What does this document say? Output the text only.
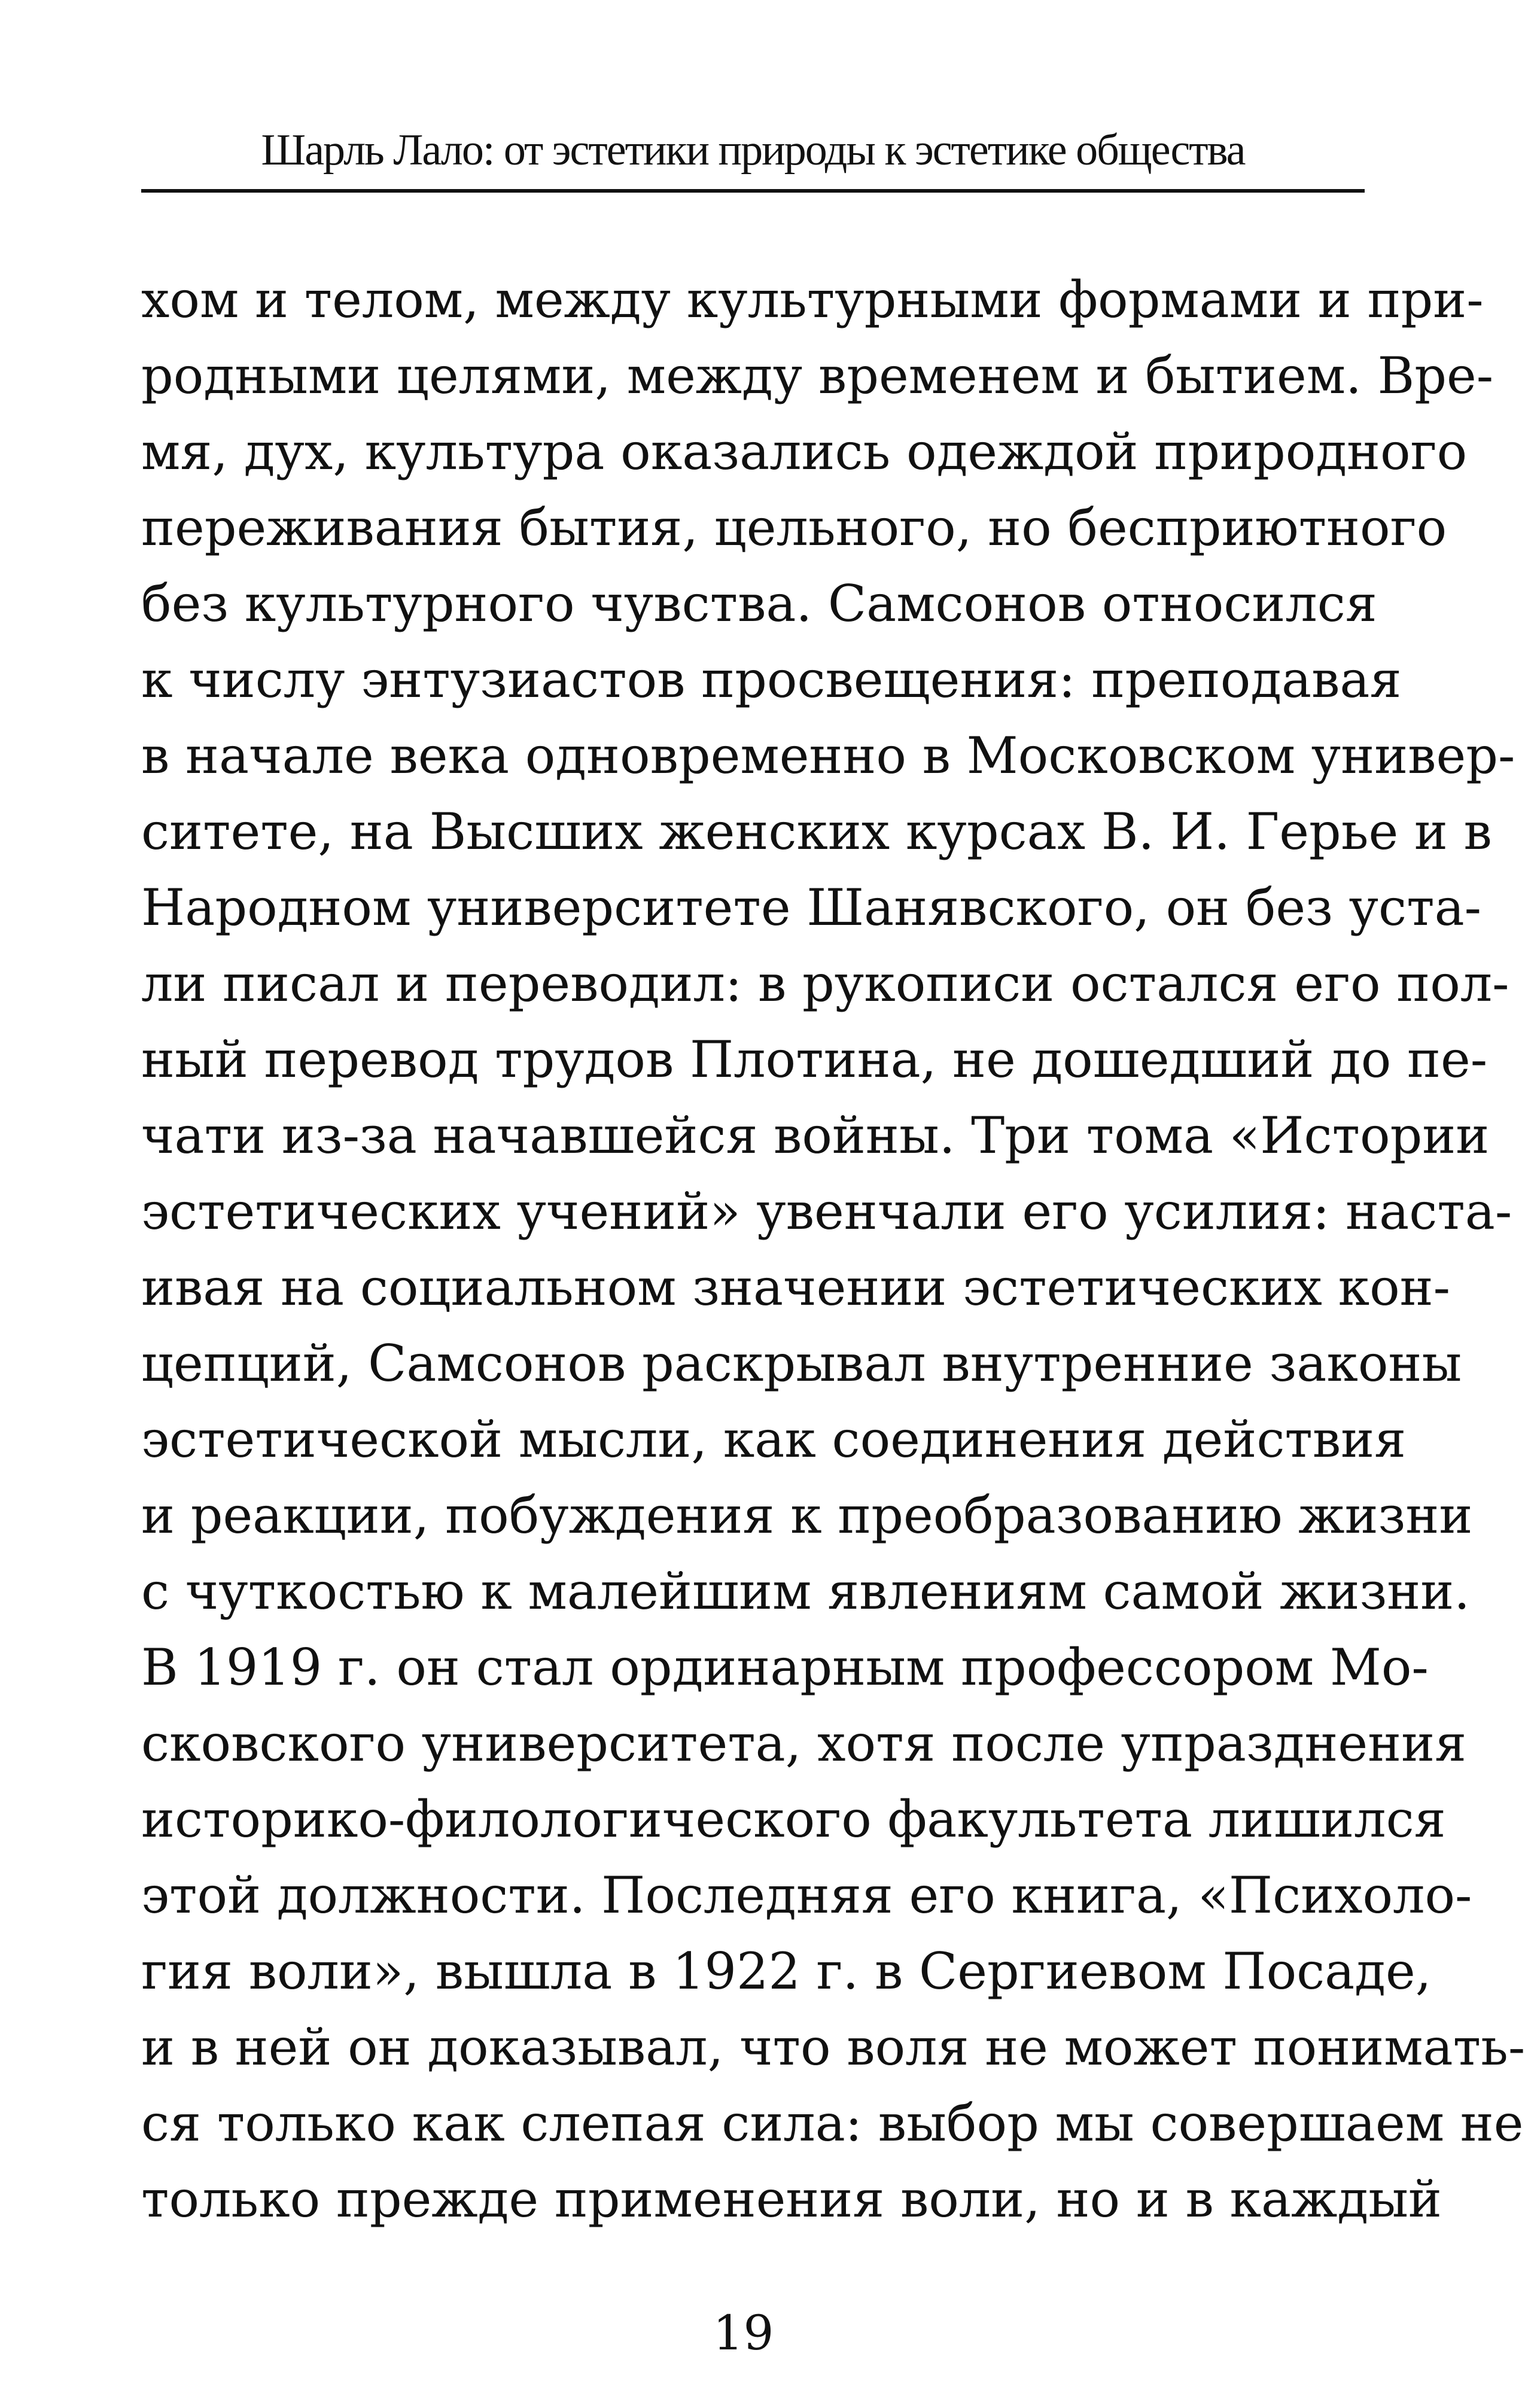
Шарль Лало: от эстетики природы к эстетике общества
хом и телом, между культурными формами и при-
родными целями, между временем и бытием. Вре-
мя, дух, культура оказались одеждой природного
переживания бытия, цельного, но бесприютного
без культурного чувства. Самсонов относился
к числу энтузиастов просвещения: преподавая
в начале века одновременно в Московском универ-
ситете, на Высших женских курсах В. И. Герье и в
Народном университете Шанявского, он без уста-
ли писал и переводил: в рукописи остался его пол-
ный перевод трудов Плотина, не дошедший до пе-
чати из-за начавшейся войны. Три тома «Истории
эстетических учений» увенчали его усилия: наста-
ивая на социальном значении эстетических кон-
цепций, Самсонов раскрывал внутренние законы
эстетической мысли, как соединения действия
и реакции, побуждения к преобразованию жизни
с чуткостью к малейшим явлениям самой жизни.
В 1919 г. он стал ординарным профессором Мо-
сковского университета, хотя после упразднения
историко-филологического факультета лишился
этой должности. Последняя его книга, «Психоло-
гия воли», вышла в 1922 г. в Сергиевом Посаде,
и в ней он доказывал, что воля не может понимать-
ся только как слепая сила: выбор мы совершаем не
только прежде применения воли, но и в каждый
19
